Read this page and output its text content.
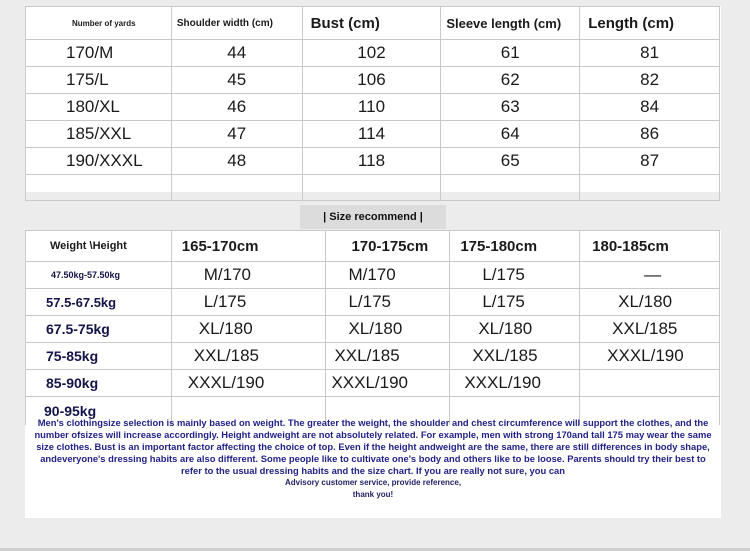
Number of yards	Shoulder width (cm)	Bust (cm)	Sleeve length (cm)	Length (cm)
170/M	44	102	61	81
175/L	45	106	62	82
180/XL	46	110	63	84
185/XXL	47	114	64	86
190/XXXL	48	118	65	87

| Size recommend |
Weight \Height	165-170cm	170-175cm	175-180cm	180-185cm
47.50kg-57.50kg	M/170	M/170	L/175	—
57.5-67.5kg	L/175	L/175	L/175	XL/180
67.5-75kg	XL/180	XL/180	XL/180	XXL/185
75-85kg	XXL/185	XXL/185	XXL/185	XXXL/190
85-90kg	XXXL/190	XXXL/190	XXXL/190	
90-95kg				

Men's clothingsize selection is mainly based on weight. The greater the weight, the shoulder and chest circumference will support the clothes, and the number ofsizes will increase accordingly. Height andweight are not absolutely related. For example, men with strong 170and tall 175 may wear the same size clothes. Bust is an important factor affecting the choice of top. Even if the height andweight are the same, there are still differences in body shape, andeveryone's dressing habits are also different. Some people like to cultivate one's body and others like to be loose. Parents should try their best to refer to the usual dressing habits and the size chart. If you are really not sure, you can

Advisory customer service, provide reference,

thank you!
